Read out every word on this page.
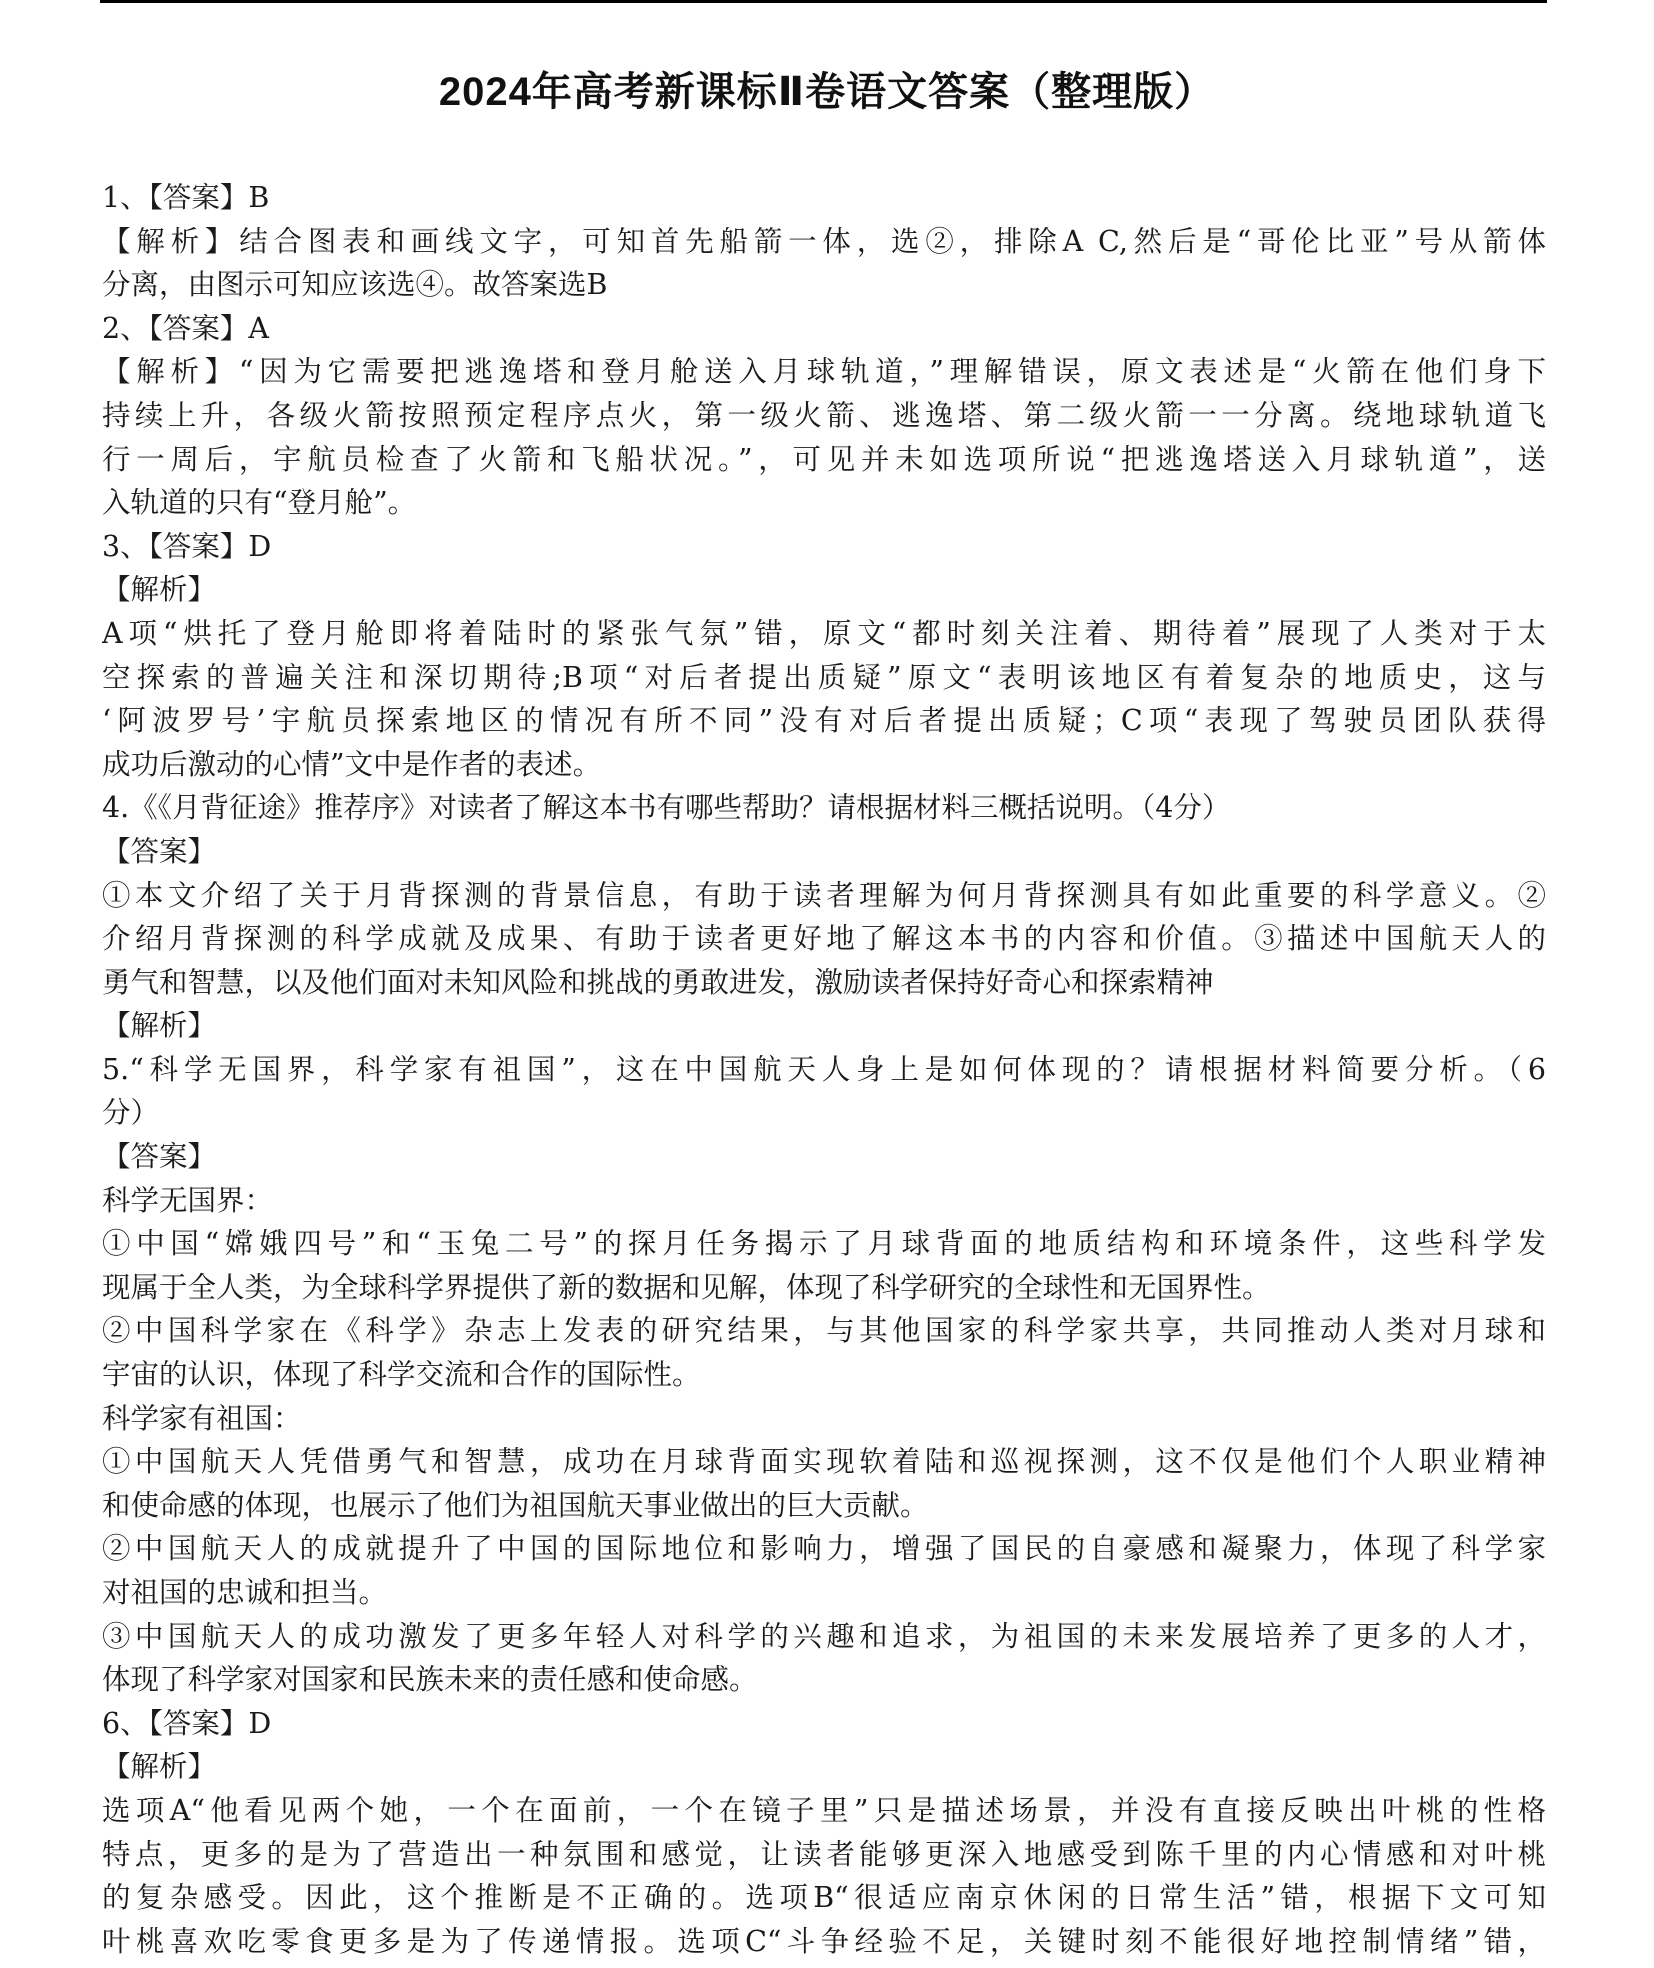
2024年高考新课标Ⅱ卷语文答案（整理版）
1、【答案】B
【解析】结合图表和画线文字，可知首先船箭一体，选②，排除A C,然后是“哥伦比亚”号从箭体
分离，由图示可知应该选④。故答案选B
2、【答案】A
【解析】“因为它需要把逃逸塔和登月舱送入月球轨道，”理解错误，原文表述是“火箭在他们身下
持续上升，各级火箭按照预定程序点火，第一级火箭、逃逸塔、第二级火箭一一分离。绕地球轨道飞
行一周后，宇航员检查了火箭和飞船状况。”，可见并未如选项所说“把逃逸塔送入月球轨道”，送
入轨道的只有“登月舱”。
3、【答案】D
【解析】
A项“烘托了登月舱即将着陆时的紧张气氛”错，原文“都时刻关注着、期待着”展现了人类对于太
空探索的普遍关注和深切期待;B项“对后者提出质疑”原文“表明该地区有着复杂的地质史，这与
‘阿波罗号’宇航员探索地区的情况有所不同”没有对后者提出质疑；C项“表现了驾驶员团队获得
成功后激动的心情”文中是作者的表述。
4.《《月背征途》推荐序》对读者了解这本书有哪些帮助？请根据材料三概括说明。（4分）
【答案】
①本文介绍了关于月背探测的背景信息，有助于读者理解为何月背探测具有如此重要的科学意义。②
介绍月背探测的科学成就及成果、有助于读者更好地了解这本书的内容和价值。③描述中国航天人的
勇气和智慧，以及他们面对未知风险和挑战的勇敢进发，激励读者保持好奇心和探索精神
【解析】
5.“科学无国界，科学家有祖国”，这在中国航天人身上是如何体现的？请根据材料简要分析。（6
分）
【答案】
科学无国界：
①中国“嫦娥四号”和“玉兔二号”的探月任务揭示了月球背面的地质结构和环境条件，这些科学发
现属于全人类，为全球科学界提供了新的数据和见解，体现了科学研究的全球性和无国界性。
②中国科学家在《科学》杂志上发表的研究结果，与其他国家的科学家共享，共同推动人类对月球和
宇宙的认识，体现了科学交流和合作的国际性。
科学家有祖国：
①中国航天人凭借勇气和智慧，成功在月球背面实现软着陆和巡视探测，这不仅是他们个人职业精神
和使命感的体现，也展示了他们为祖国航天事业做出的巨大贡献。
②中国航天人的成就提升了中国的国际地位和影响力，增强了国民的自豪感和凝聚力，体现了科学家
对祖国的忠诚和担当。
③中国航天人的成功激发了更多年轻人对科学的兴趣和追求，为祖国的未来发展培养了更多的人才，
体现了科学家对国家和民族未来的责任感和使命感。
6、【答案】D
【解析】
选项A“他看见两个她，一个在面前，一个在镜子里”只是描述场景，并没有直接反映出叶桃的性格
特点，更多的是为了营造出一种氛围和感觉，让读者能够更深入地感受到陈千里的内心情感和对叶桃
的复杂感受。因此，这个推断是不正确的。选项B“很适应南京休闲的日常生活”错，根据下文可知
叶桃喜欢吃零食更多是为了传递情报。选项C“斗争经验不足，关键时刻不能很好地控制情绪”错，
